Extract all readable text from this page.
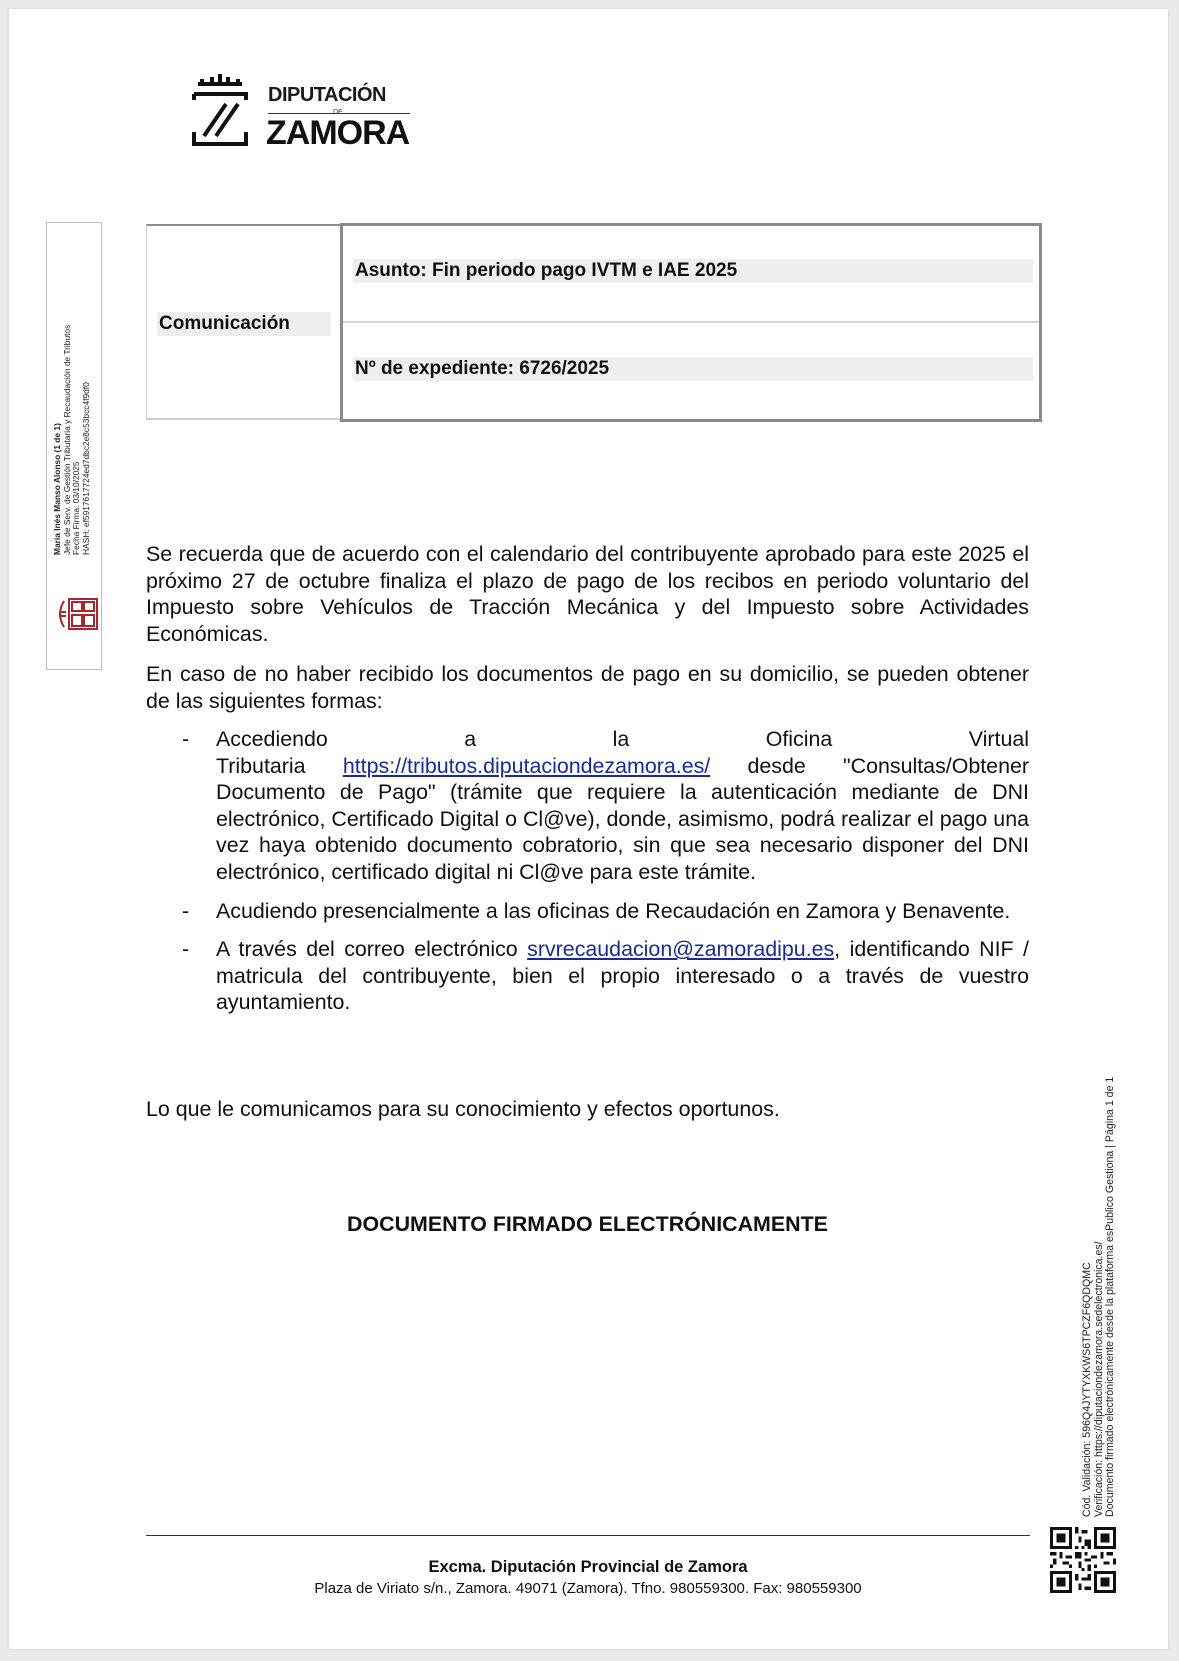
DIPUTACIÓN
DE
ZAMORA
María Inés Manso Alonso (1 de 1) Jefe de Serv. de Gestión Tributaria y Recaudación de Tributos Fecha Firma: 03/10/2025 HASH: ef5917617724ed7dbc2e8c53bcc4f9df0
Comunicación
Asunto: Fin periodo pago IVTM e IAE 2025
Nº de expediente: 6726/2025
Se recuerda que de acuerdo con el calendario del contribuyente aprobado para este 2025 el próximo 27 de octubre finaliza el plazo de pago de los recibos en periodo voluntario del Impuesto sobre Vehículos de Tracción Mecánica y del Impuesto sobre Actividades Económicas.
En caso de no haber recibido los documentos de pago en su domicilio, se pueden obtener de las siguientes formas:
- Accediendo	a	la	Oficina	Virtual
Tributaria https://tributos.diputaciondezamora.es/ desde "Consultas/Obtener Documento de Pago" (trámite que requiere la autenticación mediante de DNI electrónico, Certificado Digital o Cl@ve), donde, asimismo, podrá realizar el pago una vez haya obtenido documento cobratorio, sin que sea necesario disponer del DNI electrónico, certificado digital ni Cl@ve para este trámite.
- Acudiendo presencialmente a las oficinas de Recaudación en Zamora y Benavente.
- A través del correo electrónico srvrecaudacion@zamoradipu.es, identificando NIF / matricula del contribuyente, bien el propio interesado o a través de vuestro ayuntamiento.
Lo que le comunicamos para su conocimiento y efectos oportunos.
DOCUMENTO FIRMADO ELECTRÓNICAMENTE
Cód. Validación: 596Q4JYTYXKWS6TPCZF6QDQMC Verificación: https://diputaciondezamora.sedelectronica.es/ Documento firmado electrónicamente desde la plataforma esPublico Gestiona | Página 1 de 1
Excma. Diputación Provincial de Zamora
Plaza de Viriato s/n., Zamora. 49071 (Zamora). Tfno. 980559300. Fax: 980559300
